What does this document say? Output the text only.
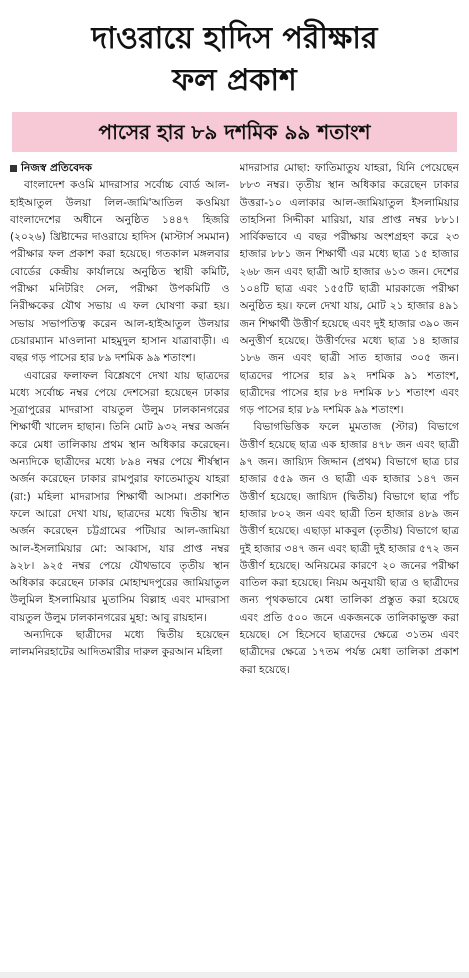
দাওরায়ে হাদিস পরীক্ষার
ফল প্রকাশ
পাসের হার ৮৯ দশমিক ৯৯ শতাংশ

নিজস্ব প্রতিবেদক

বাংলাদেশ কওমি মাদরাসার সর্বোচ্চ বোর্ড আল-হাইআতুল উলয়া লিল-জামি'আতিল কওমিয়া বাংলাদেশের অধীনে অনুষ্ঠিত ১৪৪৭ হিজরি (২০২৬) খ্রিষ্টাব্দের দাওরায়ে হাদিস (মাস্টার্স সমমান) পরীক্ষার ফল প্রকাশ করা হয়েছে। গতকাল মঙ্গলবার বোর্ডের কেন্দ্রীয় কার্যালয়ে অনুষ্ঠিত স্থায়ী কমিটি, পরীক্ষা মনিটরিং সেল, পরীক্ষা উপকমিটি ও নিরীক্ষকের যৌথ সভায় এ ফল ঘোষণা করা হয়। সভায় সভাপতিত্ব করেন আল-হাইআতুল উলয়ার চেয়ারম্যান মাওলানা মাহমুদুল হাসান যাত্রাবাড়ী। এ বছর গড় পাসের হার ৮৯ দশমিক ৯৯ শতাংশ।

এবারের ফলাফল বিশ্লেষণে দেখা যায় ছাত্রদের মধ্যে সর্বোচ্চ নম্বর পেয়ে দেশসেরা হয়েছেন ঢাকার সূত্রাপুরের মাদরাসা বায়তুল উলুম ঢালকানগরের শিক্ষার্থী খালেদ হাছান। তিনি মোট ৯৩২ নম্বর অর্জন করে মেধা তালিকায় প্রথম স্থান অধিকার করেছেন। অন্যদিকে ছাত্রীদের মধ্যে ৮৯৪ নম্বর পেয়ে শীর্ষস্থান অর্জন করেছেন ঢাকার রামপুরার ফাতেমাতুয যাহরা (রা:) মহিলা মাদরাসার শিক্ষার্থী আসমা। প্রকাশিত ফলে আরো দেখা যায়, ছাত্রদের মধ্যে দ্বিতীয় স্থান অর্জন করেছেন চট্টগ্রামের পটিয়ার আল-জামিয়া আল-ইসলামিয়ার মো: আব্বাস, যার প্রাপ্ত নম্বর ৯২৮। ৯২৫ নম্বর পেয়ে যৌথভাবে তৃতীয় স্থান অধিকার করেছেন ঢাকার মোহাম্মদপুরের জামিয়াতুল উলুমিল ইসলামিয়ার মুতাসিম বিল্লাহ এবং মাদরাসা বায়তুল উলুম ঢালকানগরের মুহা: আবু রায়হান।

অন্যদিকে ছাত্রীদের মধ্যে দ্বিতীয় হয়েছেন লালমনিরহাটের আদিতমারীর দারুল কুরআন মহিলা

মাদরাসার মোছা: ফাতিমাতুয যাহরা, যিনি পেয়েছেন ৮৮৩ নম্বর। তৃতীয় স্থান অধিকার করেছেন ঢাকার উত্তরা-১০ এলাকার আল-জামিয়াতুল ইসলামিয়ার তাহসিনা সিদ্দীকা মারিয়া, যার প্রাপ্ত নম্বর ৮৮১। সার্বিকভাবে এ বছর পরীক্ষায় অংশগ্রহণ করে ২৩ হাজার ৮৮১ জন শিক্ষার্থী এর মধ্যে ছাত্র ১৫ হাজার ২৬৮ জন এবং ছাত্রী আট হাজার ৬১৩ জন। দেশের ১০৪টি ছাত্র এবং ১৫৫টি ছাত্রী মারকাজে পরীক্ষা অনুষ্ঠিত হয়। ফলে দেখা যায়, মোট ২১ হাজার ৪৯১ জন শিক্ষার্থী উত্তীর্ণ হয়েছে এবং দুই হাজার ৩৯০ জন অনুত্তীর্ণ হয়েছে। উত্তীর্ণদের মধ্যে ছাত্র ১৪ হাজার ১৮৬ জন এবং ছাত্রী সাত হাজার ৩০৫ জন। ছাত্রদের পাসের হার ৯২ দশমিক ৯১ শতাংশ, ছাত্রীদের পাসের হার ৮৪ দশমিক ৮১ শতাংশ এবং গড় পাসের হার ৮৯ দশমিক ৯৯ শতাংশ।

বিভাগভিত্তিক ফলে মুমতাজ (স্টার) বিভাগে উত্তীর্ণ হয়েছে ছাত্র এক হাজার ৪৭৮ জন এবং ছাত্রী ৯৭ জন। জায়্যিদ জিদ্দান (প্রথম) বিভাগে ছাত্র চার হাজার ৫৫৯ জন ও ছাত্রী এক হাজার ১৪৭ জন উত্তীর্ণ হয়েছে। জায়্যিদ (দ্বিতীয়) বিভাগে ছাত্র পাঁচ হাজার ৮০২ জন এবং ছাত্রী তিন হাজার ৪৮৯ জন উত্তীর্ণ হয়েছে। এছাড়া মাকবুল (তৃতীয়) বিভাগে ছাত্র দুই হাজার ৩৪৭ জন এবং ছাত্রী দুই হাজার ৫৭২ জন উত্তীর্ণ হয়েছে। অনিয়মের কারণে ২০ জনের পরীক্ষা বাতিল করা হয়েছে। নিয়ম অনুযায়ী ছাত্র ও ছাত্রীদের জন্য পৃথকভাবে মেধা তালিকা প্রস্তুত করা হয়েছে এবং প্রতি ৫০০ জনে একজনকে তালিকাভুক্ত করা হয়েছে। সে হিসেবে ছাত্রদের ক্ষেত্রে ৩১তম এবং ছাত্রীদের ক্ষেত্রে ১৭তম পর্যন্ত মেধা তালিকা প্রকাশ করা হয়েছে।
